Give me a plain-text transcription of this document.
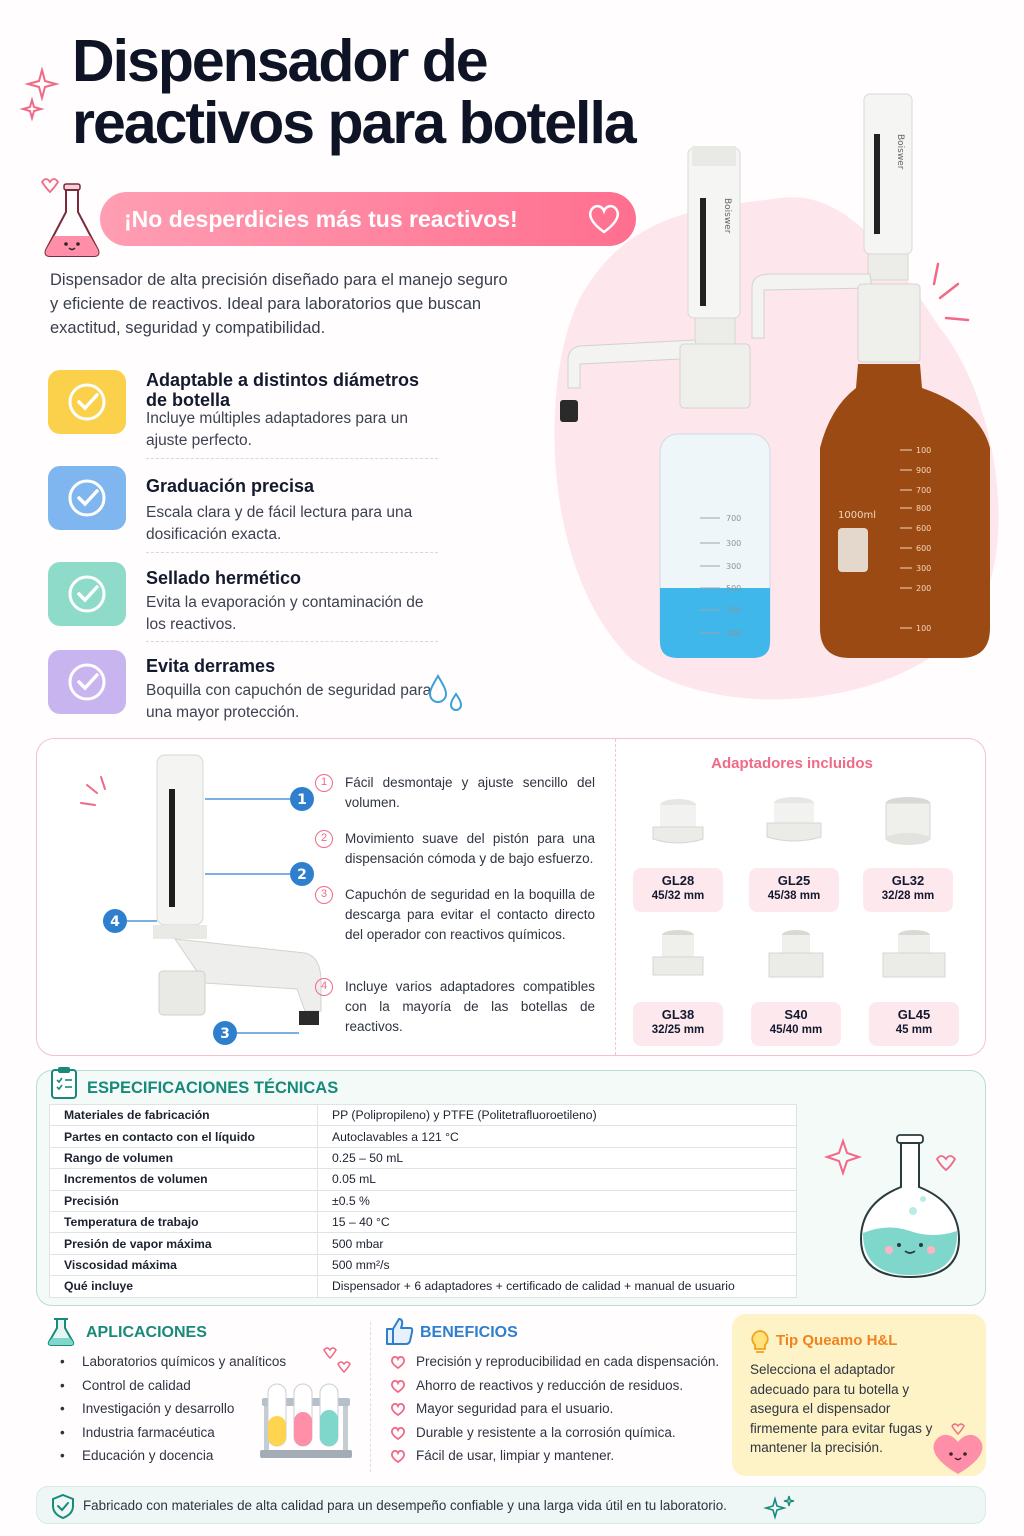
Dispensador de
reactivos para botella
¡No desperdicies más tus reactivos!

Dispensador de alta precisión diseñado para el manejo seguro y eficiente de reactivos. Ideal para laboratorios que buscan exactitud, seguridad y compatibilidad.

Adaptable a distintos diámetros de botella
Incluye múltiples adaptadores para un ajuste perfecto.
Graduación precisa
Escala clara y de fácil lectura para una dosificación exacta.
Sellado hermético
Evita la evaporación y contaminación de los reactivos.
Evita derrames
Boquilla con capuchón de seguridad para una mayor protección.
Boiswer
700
300
300
500
200
100
Boiswer
1000ml
100
900
700
800
600
600
300
200
100
1
2
3
4
1	Fácil desmontaje y ajuste sencillo del volumen.
2	Movimiento suave del pistón para una dispensación cómoda y de bajo esfuerzo.
3	Capuchón de seguridad en la boquilla de descarga para evitar el contacto directo del operador con reactivos químicos.
4	Incluye varios adaptadores compatibles con la mayoría de las botellas de reactivos.
Adaptadores incluidos
GL28
45/32 mm
GL25
45/38 mm
GL32
32/28 mm
GL38
32/25 mm
S40
45/40 mm
GL45
45 mm
ESPECIFICACIONES TÉCNICAS
Materiales de fabricación	PP (Polipropileno) y PTFE (Politetrafluoroetileno)
Partes en contacto con el líquido	Autoclavables a 121 °C
Rango de volumen	0.25 – 50 mL
Incrementos de volumen	0.05 mL
Precisión	±0.5 %
Temperatura de trabajo	15 – 40 °C
Presión de vapor máxima	500 mbar
Viscosidad máxima	500 mm²/s
Qué incluye	Dispensador + 6 adaptadores + certificado de calidad + manual de usuario
APLICACIONES
• Laboratorios químicos y analíticos
• Control de calidad
• Investigación y desarrollo
• Industria farmacéutica
• Educación y docencia
BENEFICIOS
Precisión y reproducibilidad en cada dispensación.
Ahorro de reactivos y reducción de residuos.
Mayor seguridad para el usuario.
Durable y resistente a la corrosión química.
Fácil de usar, limpiar y mantener.
Tip Queamo H&L

Selecciona el adaptador adecuado para tu botella y asegura el dispensador firmemente para evitar fugas y mantener la precisión.

Fabricado con materiales de alta calidad para un desempeño confiable y una larga vida útil en tu laboratorio.
